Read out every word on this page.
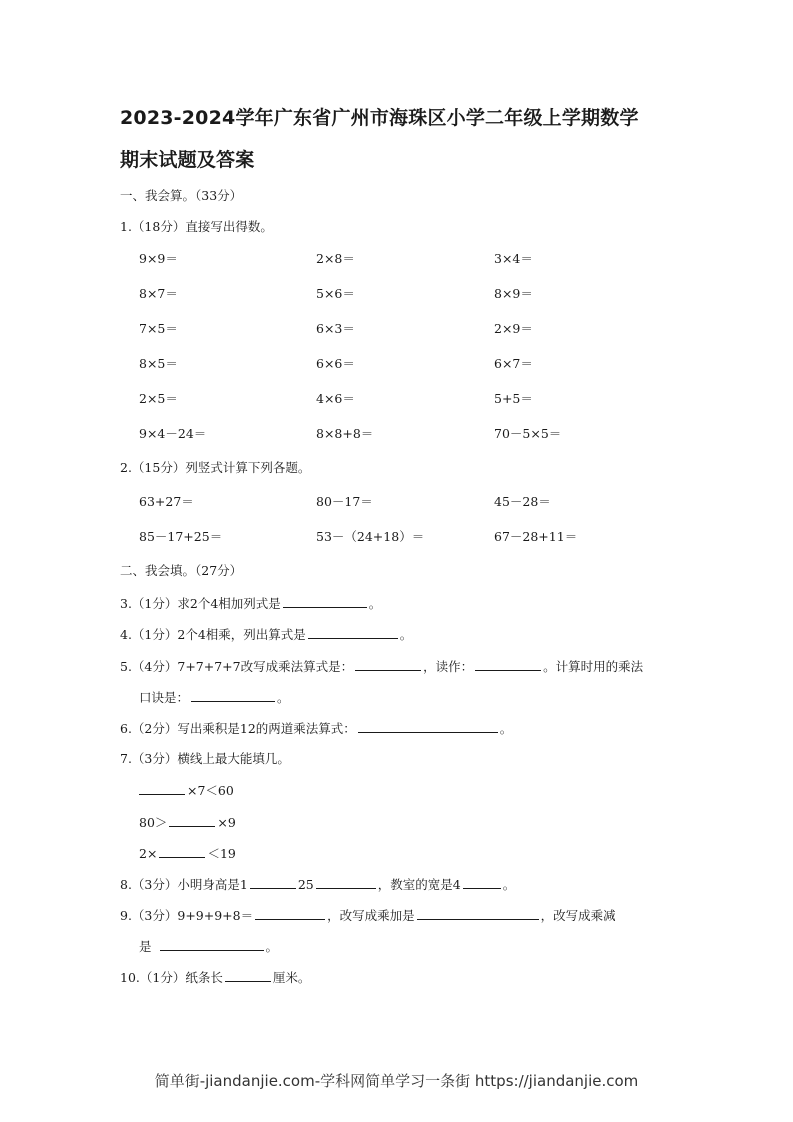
2023-2024学年广东省广州市海珠区小学二年级上学期数学
期末试题及答案
一、我会算。（33分）
1.（18分）直接写出得数。
9×9＝	2×8＝	3×4＝
8×7＝	5×6＝	8×9＝
7×5＝	6×3＝	2×9＝
8×5＝	6×6＝	6×7＝
2×5＝	4×6＝	5+5＝
9×4－24＝	8×8+8＝	70－5×5＝
2.（15分）列竖式计算下列各题。
63+27＝	80－17＝	45－28＝
85－17+25＝	53－（24+18）＝	67－28+11＝
二、我会填。（27分）
3.（1分）求2个4相加列式是	。
4.（1分）2个4相乘，列出算式是	。
5.（4分）7+7+7+7改写成乘法算式是：	，读作：	。计算时用的乘法
口诀是：	。
6.（2分）写出乘积是12的两道乘法算式：	。
7.（3分）横线上最大能填几。
×7＜60
80＞	×9
2×	＜19
8.（3分）小明身高是1	25	，教室的宽是4	。
9.（3分）9+9+9+8＝	，改写成乘加是	，改写成乘减
是	。
10.（1分）纸条长	厘米。
简单街-jiandanjie.com-学科网简单学习一条街 https://jiandanjie.com
